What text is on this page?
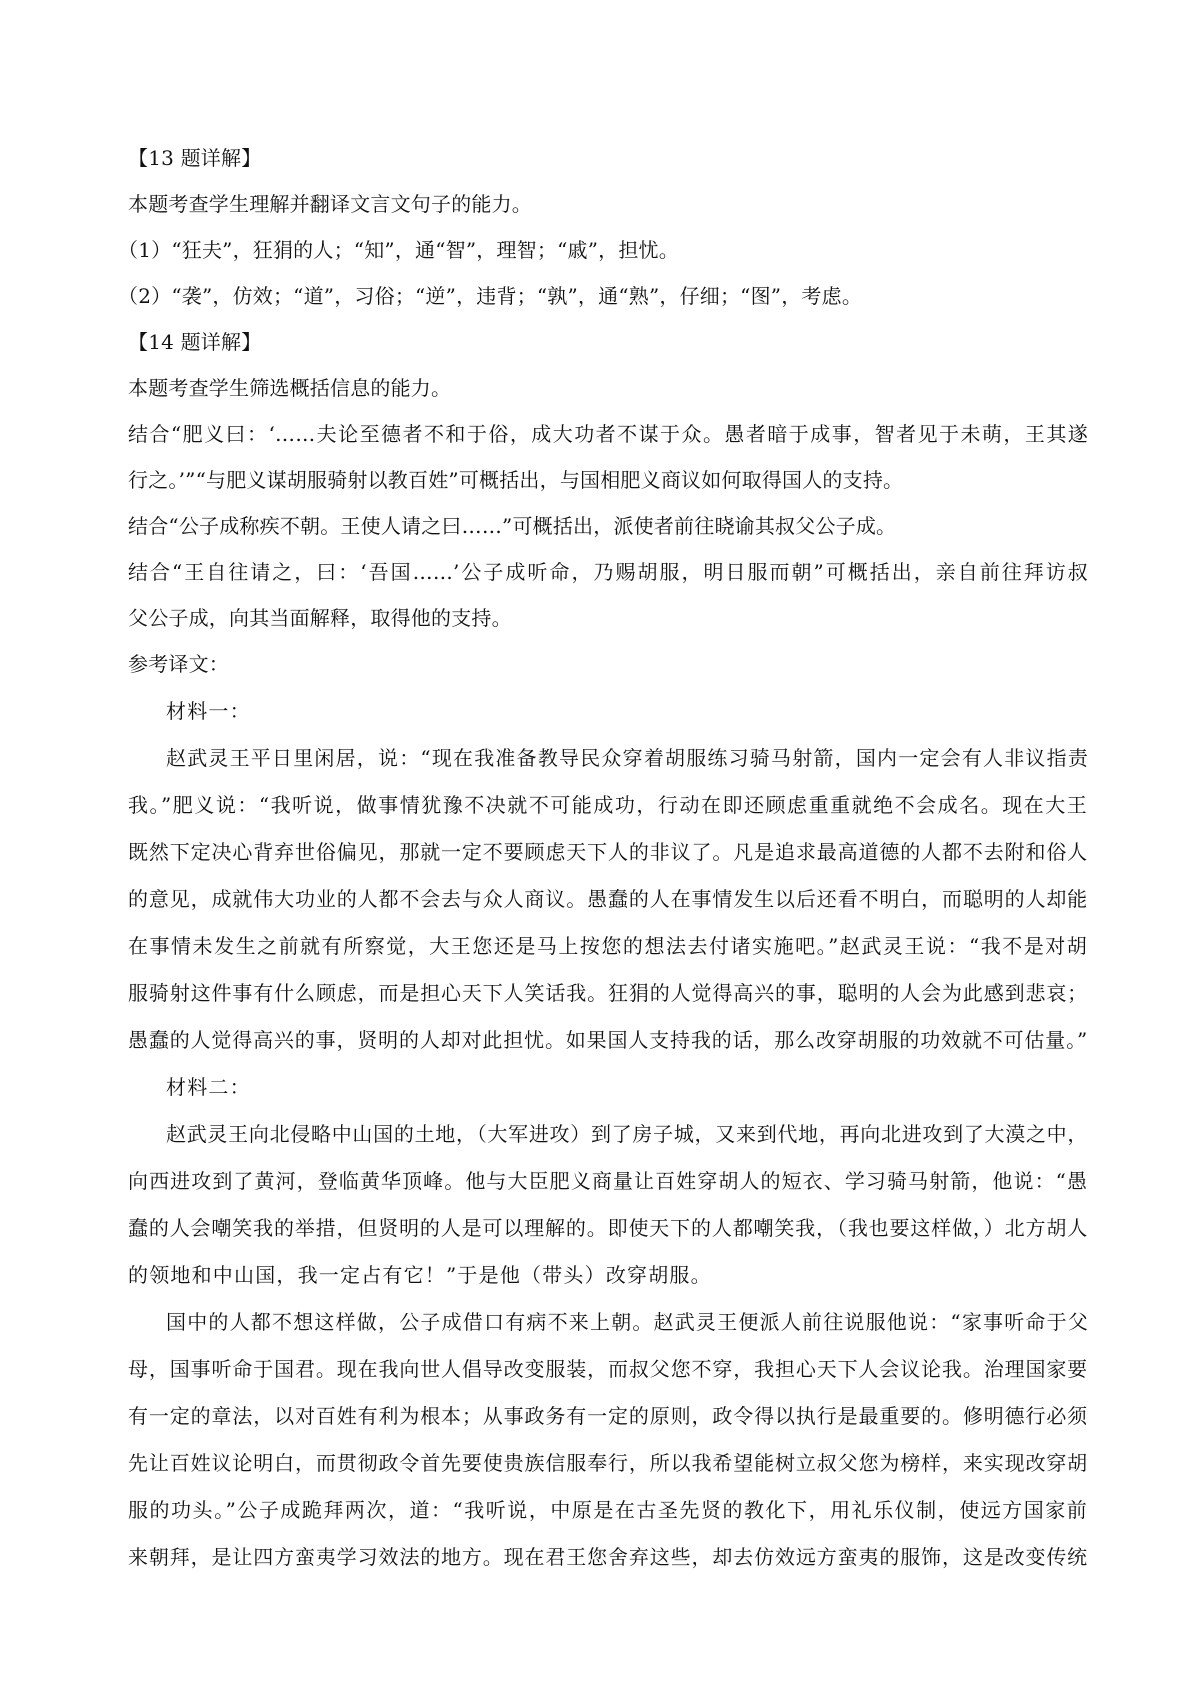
【13 题详解】
本题考查学生理解并翻译文言文句子的能力。
（1）“狂夫”，狂狷的人；“知”，通“智”，理智；“戚”，担忧。
（2）“袭”，仿效；“道”，习俗；“逆”，违背；“孰”，通“熟”，仔细；“图”，考虑。
【14 题详解】
本题考查学生筛选概括信息的能力。
结合“肥义曰：‘……夫论至德者不和于俗，成大功者不谋于众。愚者暗于成事，智者见于未萌，王其遂
行之。’”“与肥义谋胡服骑射以教百姓”可概括出，与国相肥义商议如何取得国人的支持。
结合“公子成称疾不朝。王使人请之曰……”可概括出，派使者前往晓谕其叔父公子成。
结合“王自往请之，曰：‘吾国……’公子成听命，乃赐胡服，明日服而朝”可概括出，亲自前往拜访叔
父公子成，向其当面解释，取得他的支持。
参考译文：
材料一：
赵武灵王平日里闲居，说：“现在我准备教导民众穿着胡服练习骑马射箭，国内一定会有人非议指责
我。”肥义说：“我听说，做事情犹豫不决就不可能成功，行动在即还顾虑重重就绝不会成名。现在大王
既然下定决心背弃世俗偏见，那就一定不要顾虑天下人的非议了。凡是追求最高道德的人都不去附和俗人
的意见，成就伟大功业的人都不会去与众人商议。愚蠢的人在事情发生以后还看不明白，而聪明的人却能
在事情未发生之前就有所察觉，大王您还是马上按您的想法去付诸实施吧。”赵武灵王说：“我不是对胡
服骑射这件事有什么顾虑，而是担心天下人笑话我。狂狷的人觉得高兴的事，聪明的人会为此感到悲哀；
愚蠢的人觉得高兴的事，贤明的人却对此担忧。如果国人支持我的话，那么改穿胡服的功效就不可估量。”
材料二：
赵武灵王向北侵略中山国的土地，（大军进攻）到了房子城，又来到代地，再向北进攻到了大漠之中，
向西进攻到了黄河，登临黄华顶峰。他与大臣肥义商量让百姓穿胡人的短衣、学习骑马射箭，他说：“愚
蠢的人会嘲笑我的举措，但贤明的人是可以理解的。即使天下的人都嘲笑我，（我也要这样做，）北方胡人
的领地和中山国，我一定占有它！”于是他（带头）改穿胡服。
国中的人都不想这样做，公子成借口有病不来上朝。赵武灵王便派人前往说服他说：“家事听命于父
母，国事听命于国君。现在我向世人倡导改变服装，而叔父您不穿，我担心天下人会议论我。治理国家要
有一定的章法，以对百姓有利为根本；从事政务有一定的原则，政令得以执行是最重要的。修明德行必须
先让百姓议论明白，而贯彻政令首先要使贵族信服奉行，所以我希望能树立叔父您为榜样，来实现改穿胡
服的功头。”公子成跪拜两次，道：“我听说，中原是在古圣先贤的教化下，用礼乐仪制，使远方国家前
来朝拜，是让四方蛮夷学习效法的地方。现在君王您舍弃这些，却去仿效远方蛮夷的服饰，这是改变传统
